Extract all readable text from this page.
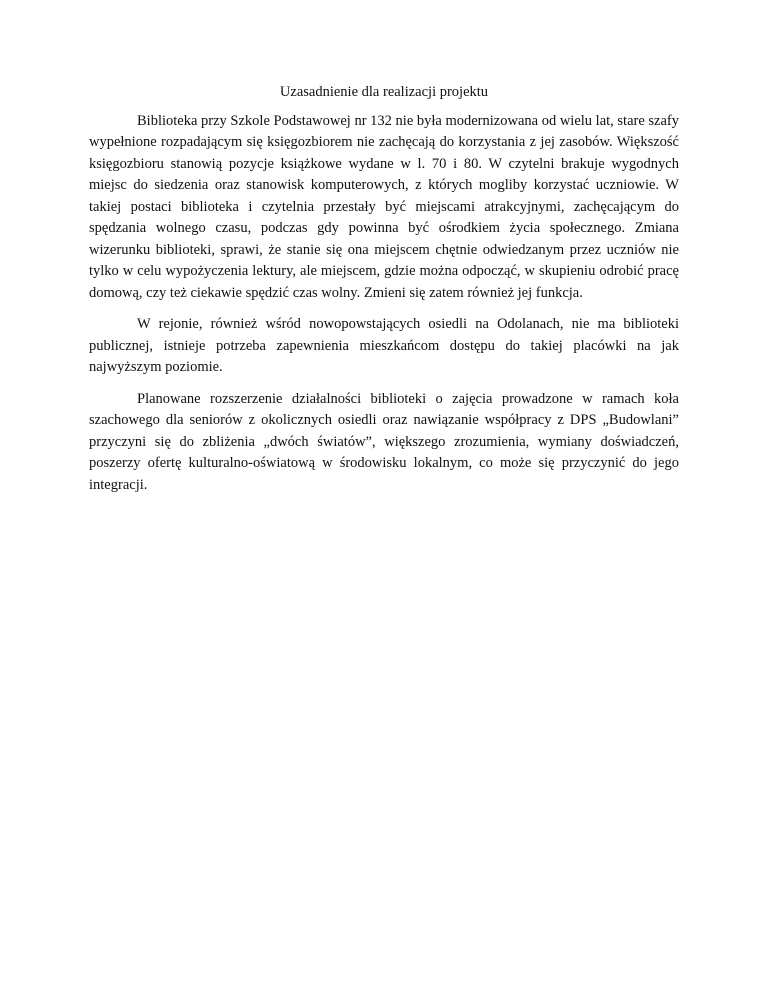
Uzasadnienie dla realizacji projektu

Biblioteka przy Szkole Podstawowej nr 132 nie była modernizowana od wielu lat, stare szafy wypełnione rozpadającym się księgozbiorem nie zachęcają do korzystania z jej zasobów. Większość księgozbioru stanowią pozycje książkowe wydane w l. 70 i 80. W czytelni brakuje wygodnych miejsc do siedzenia oraz stanowisk komputerowych, z których mogliby korzystać uczniowie. W takiej postaci biblioteka i czytelnia przestały być miejscami atrakcyjnymi, zachęcającym do spędzania wolnego czasu, podczas gdy powinna być ośrodkiem życia społecznego. Zmiana wizerunku biblioteki, sprawi, że stanie się ona miejscem chętnie odwiedzanym przez uczniów nie tylko w celu wypożyczenia lektury, ale miejscem, gdzie można odpocząć, w skupieniu odrobić pracę domową, czy też ciekawie spędzić czas wolny. Zmieni się zatem również jej funkcja.

W rejonie, również wśród nowopowstających osiedli na Odolanach, nie ma biblioteki publicznej, istnieje potrzeba zapewnienia mieszkańcom dostępu do takiej placówki na jak najwyższym poziomie.

Planowane rozszerzenie działalności biblioteki o zajęcia prowadzone w ramach koła szachowego dla seniorów z okolicznych osiedli oraz nawiązanie współpracy z DPS „Budowlani” przyczyni się do zbliżenia „dwóch światów”, większego zrozumienia, wymiany doświadczeń, poszerzy ofertę kulturalno-oświatową w środowisku lokalnym, co może się przyczynić do jego integracji.
